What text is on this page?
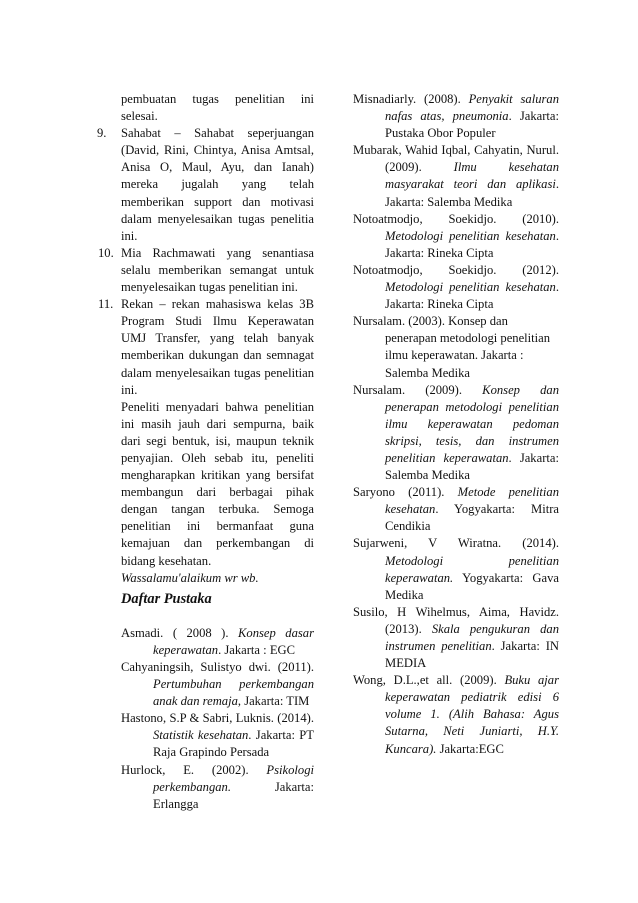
pembuatan tugas penelitian ini selesai.

9.	Sahabat – Sahabat seperjuangan (David, Rini, Chintya, Anisa Amtsal, Anisa O, Maul, Ayu, dan Ianah) mereka jugalah yang telah memberikan support dan motivasi dalam menyelesaikan tugas penelitia ini.

10. Mia Rachmawati yang senantiasa selalu memberikan semangat untuk menyelesaikan tugas penelitian ini.

11. Rekan – rekan mahasiswa kelas 3B Program Studi Ilmu Keperawatan UMJ Transfer, yang telah banyak memberikan dukungan dan semnagat dalam menyelesaikan tugas penelitian ini.

Peneliti menyadari bahwa penelitian ini masih jauh dari sempurna, baik dari segi bentuk, isi, maupun teknik penyajian. Oleh sebab itu, peneliti mengharapkan kritikan yang bersifat membangun dari berbagai pihak dengan tangan terbuka. Semoga penelitian ini bermanfaat guna kemajuan dan perkembangan di bidang kesehatan.

Wassalamu'alaikum wr wb.

Daftar Pustaka

Asmadi. ( 2008 ). Konsep dasar keperawatan. Jakarta : EGC

Cahyaningsih, Sulistyo dwi. (2011). Pertumbuhan perkembangan anak dan remaja, Jakarta: TIM

Hastono, S.P & Sabri, Luknis. (2014). Statistik kesehatan. Jakarta: PT Raja Grapindo Persada

Hurlock, E. (2002). Psikologi perkembangan. Jakarta: Erlangga

Misnadiarly. (2008). Penyakit saluran nafas atas, pneumonia. Jakarta: Pustaka Obor Populer

Mubarak, Wahid Iqbal, Cahyatin, Nurul. (2009).	Ilmu kesehatan masyarakat teori dan aplikasi. Jakarta: Salemba Medika

Notoatmodjo, Soekidjo. (2010). Metodologi penelitian kesehatan. Jakarta: Rineka Cipta

Notoatmodjo, Soekidjo. (2012). Metodologi penelitian kesehatan. Jakarta: Rineka Cipta

Nursalam. (2003). Konsep dan penerapan metodologi penelitian ilmu keperawatan. Jakarta : Salemba Medika

Nursalam. (2009). Konsep dan penerapan metodologi penelitian ilmu keperawatan pedoman skripsi, tesis, dan instrumen penelitian keperawatan. Jakarta: Salemba Medika

Saryono (2011). Metode penelitian kesehatan. Yogyakarta: Mitra Cendikia

Sujarweni, V Wiratna. (2014). Metodologi penelitian keperawatan. Yogyakarta: Gava Medika

Susilo, H Wihelmus, Aima, Havidz. (2013). Skala pengukuran dan instrumen penelitian. Jakarta: IN MEDIA

Wong, D.L.,et all. (2009). Buku ajar keperawatan pediatrik edisi 6 volume 1. (Alih Bahasa: Agus Sutarna, Neti Juniarti, H.Y. Kuncara). Jakarta:EGC
